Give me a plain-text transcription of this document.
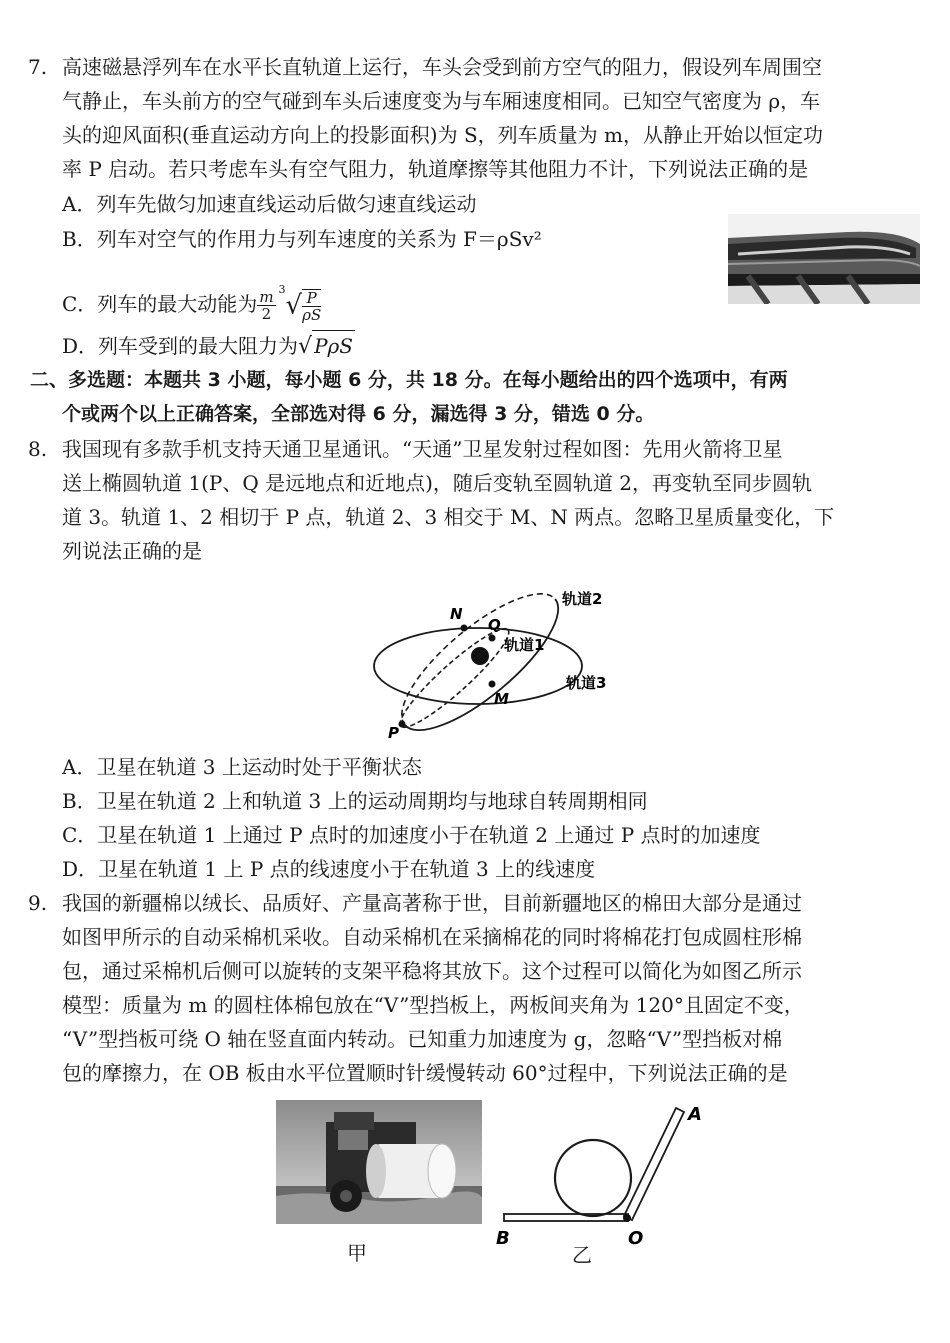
7. 高速磁悬浮列车在水平长直轨道上运行，车头会受到前方空气的阻力，假设列车周围空
气静止，车头前方的空气碰到车头后速度变为与车厢速度相同。已知空气密度为 ρ，车
头的迎风面积(垂直运动方向上的投影面积)为 S，列车质量为 m，从静止开始以恒定功
率 P 启动。若只考虑车头有空气阻力，轨道摩擦等其他阻力不计，下列说法正确的是
A．列车先做匀加速直线运动后做匀速直线运动
B．列车对空气的作用力与列车速度的关系为 F＝ρSv²
C．列车的最大动能为 $\frac{m}{2} ^3√ \frac{P}{\rho S}$
D．列车受到的最大阻力为√ PρS
二、多选题：本题共 3 小题，每小题 6 分，共 18 分。在每小题给出的四个选项中，有两
个或两个以上正确答案，全部选对得 6 分，漏选得 3 分，错选 0 分。
8. 我国现有多款手机支持天通卫星通讯。“天通”卫星发射过程如图：先用火箭将卫星
送上椭圆轨道 1(P、Q 是远地点和近地点)，随后变轨至圆轨道 2，再变轨至同步圆轨
道 3。轨道 1、2 相切于 P 点，轨道 2、3 相交于 M、N 两点。忽略卫星质量变化，下
列说法正确的是
N
Q
M
P
轨道1
轨道2
轨道3
A．卫星在轨道 3 上运动时处于平衡状态
B．卫星在轨道 2 上和轨道 3 上的运动周期均与地球自转周期相同
C．卫星在轨道 1 上通过 P 点时的加速度小于在轨道 2 上通过 P 点时的加速度
D．卫星在轨道 1 上 P 点的线速度小于在轨道 3 上的线速度
9. 我国的新疆棉以绒长、品质好、产量高著称于世，目前新疆地区的棉田大部分是通过
如图甲所示的自动采棉机采收。自动采棉机在采摘棉花的同时将棉花打包成圆柱形棉
包，通过采棉机后侧可以旋转的支架平稳将其放下。这个过程可以简化为如图乙所示
模型：质量为 m 的圆柱体棉包放在“V”型挡板上，两板间夹角为 120°且固定不变，
“V”型挡板可绕 O 轴在竖直面内转动。已知重力加速度为 g，忽略“V”型挡板对棉
包的摩擦力，在 OB 板由水平位置顺时针缓慢转动 60°过程中，下列说法正确的是
甲
B	O
A
乙
